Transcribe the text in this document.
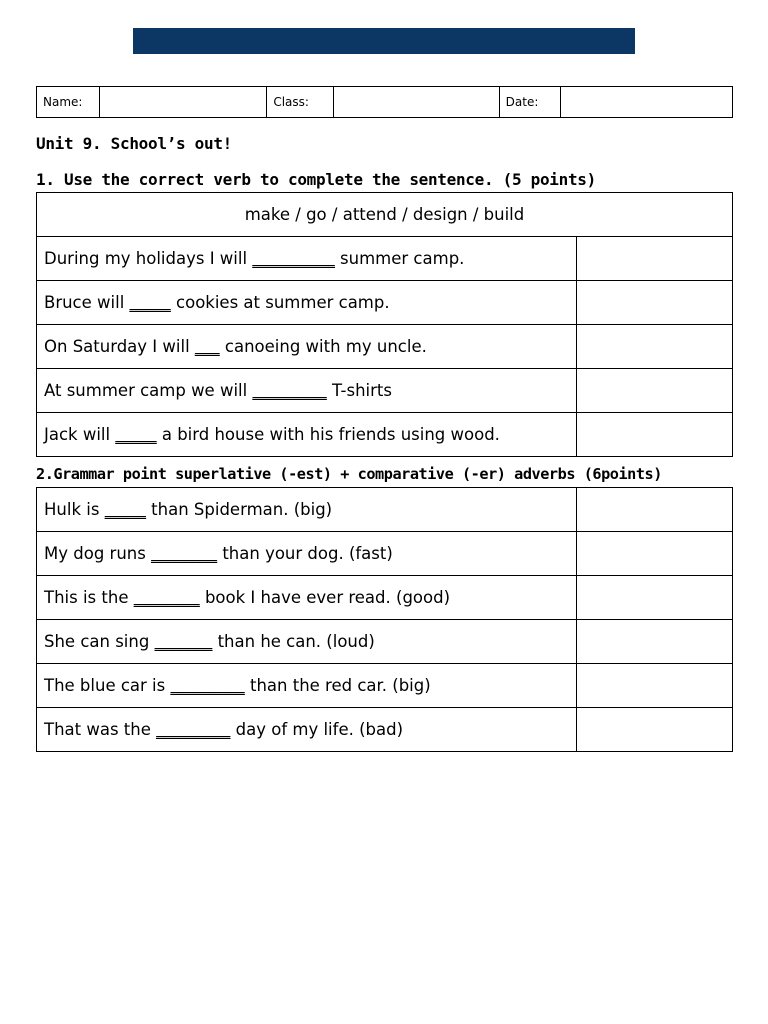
Name:		Class:		Date:	
Unit 9. School’s out!
1. Use the correct verb to complete the sentence. (5 points)
make / go / attend / design / build	
During my holidays I will __________ summer camp.	
Bruce will _____ cookies at summer camp.	
On Saturday I will ___ canoeing with my uncle.	
At summer camp we will _________ T-shirts	
Jack will _____ a bird house with his friends using wood.	
2.Grammar point superlative (-est) + comparative (-er) adverbs (6points)
Hulk is _____ than Spiderman. (big)	
My dog runs ________ than your dog. (fast)	
This is the ________ book I have ever read. (good)	
She can sing _______ than he can. (loud)	
The blue car is _________ than the red car. (big)	
That was the _________ day of my life. (bad)	
